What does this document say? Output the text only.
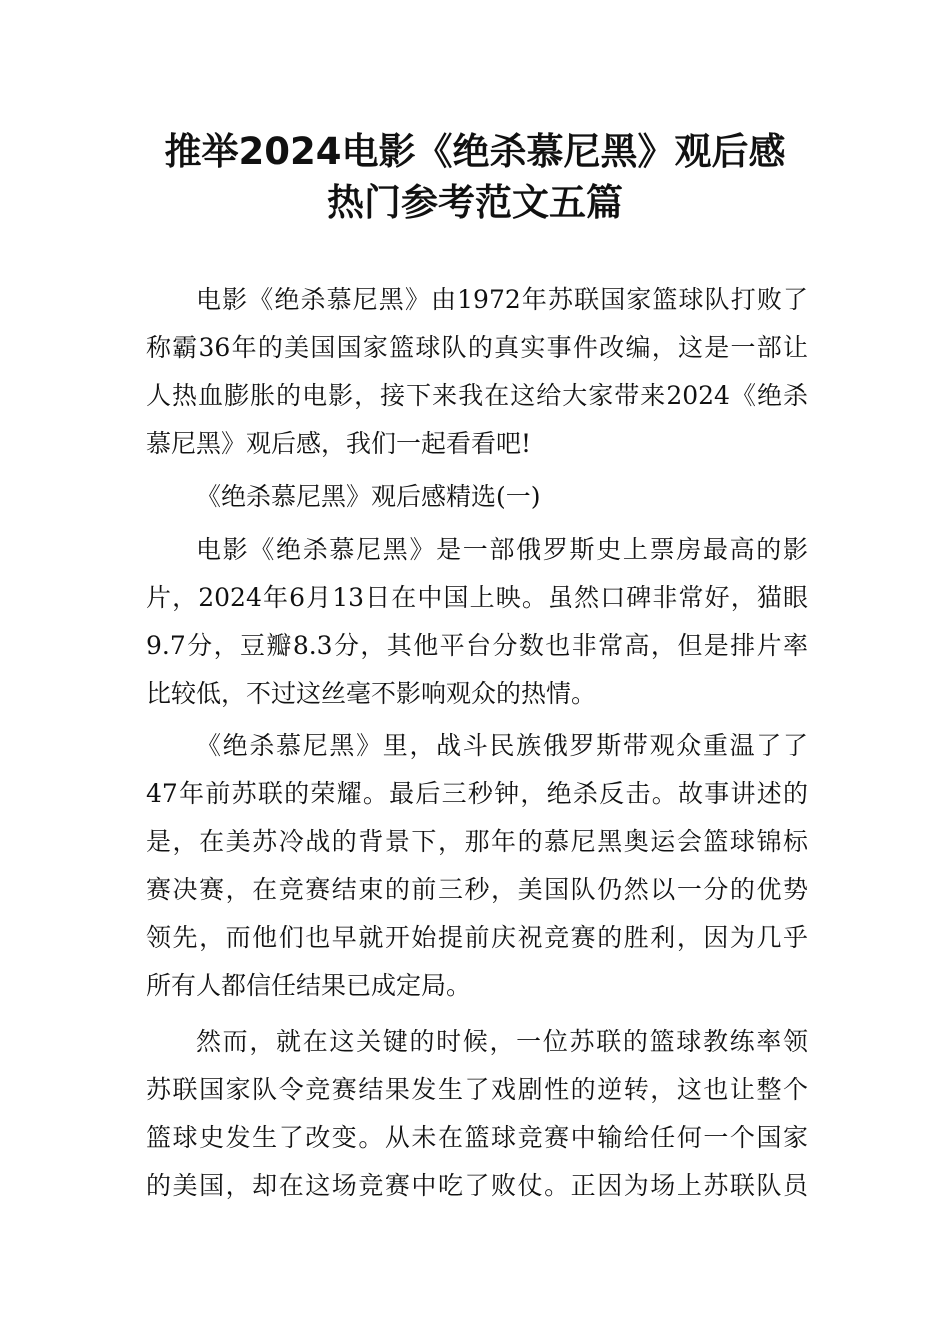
推举2024电影《绝杀慕尼黑》观后感
热门参考范文五篇
电影《绝杀慕尼黑》由1972年苏联国家篮球队打败了
称霸36年的美国国家篮球队的真实事件改编，这是一部让
人热血膨胀的电影，接下来我在这给大家带来2024《绝杀
慕尼黑》观后感，我们一起看看吧!
《绝杀慕尼黑》观后感精选(一)
电影《绝杀慕尼黑》是一部俄罗斯史上票房最高的影
片，2024年6月13日在中国上映。虽然口碑非常好，猫眼
9.7分，豆瓣8.3分，其他平台分数也非常高，但是排片率
比较低，不过这丝毫不影响观众的热情。
《绝杀慕尼黑》里，战斗民族俄罗斯带观众重温了了
47年前苏联的荣耀。最后三秒钟，绝杀反击。故事讲述的
是，在美苏冷战的背景下，那年的慕尼黑奥运会篮球锦标
赛决赛，在竞赛结束的前三秒，美国队仍然以一分的优势
领先，而他们也早就开始提前庆祝竞赛的胜利，因为几乎
所有人都信任结果已成定局。
然而，就在这关键的时候，一位苏联的篮球教练率领
苏联国家队令竞赛结果发生了戏剧性的逆转，这也让整个
篮球史发生了改变。从未在篮球竞赛中输给任何一个国家
的美国，却在这场竞赛中吃了败仗。正因为场上苏联队员
